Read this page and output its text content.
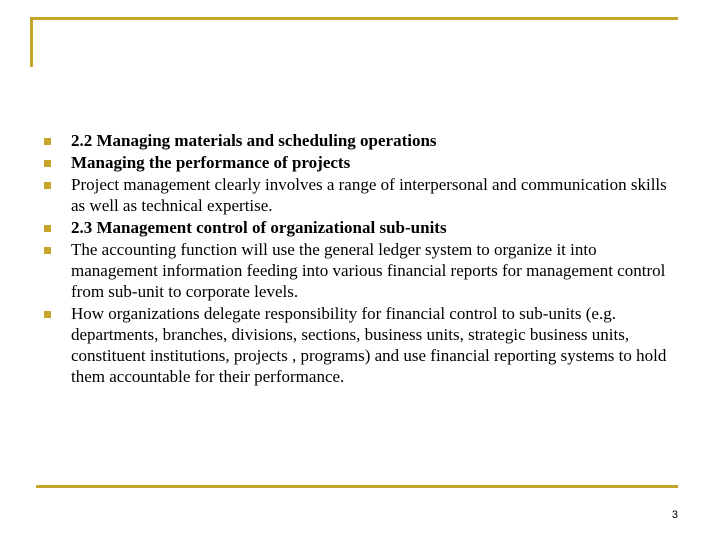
2.2 Managing materials and scheduling operations
Managing the performance of projects
Project management clearly involves a range of interpersonal and communication skills as well as technical expertise.
2.3 Management control of organizational sub-units
The accounting function will use the general ledger system to organize it into management information feeding into various financial reports for management control from sub-unit to corporate levels.
How organizations delegate responsibility for financial control to sub-units (e.g. departments, branches, divisions, sections, business units, strategic business units, constituent institutions, projects , programs) and use financial reporting systems to hold them accountable for their performance.
3
